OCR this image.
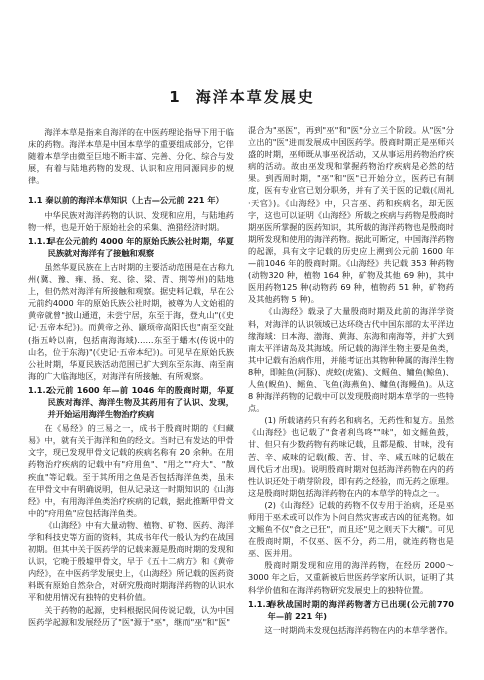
1 海洋本草发展史

海洋本草是指来自海洋的在中医药理论指导下用于临床的药物。海洋本草是中国本草学的重要组成部分，它伴随着本草学由微至巨地不断丰富、完善、分化、综合与发展，有着与陆地药物的发现、认识和应用同源同步的规律。

1.1 秦以前的海洋本草知识（上古—公元前 221 年）

中华民族对海洋药物的认识、发现和应用，与陆地药物一样，也是开始于原始社会的采集、渔猎经济时期。

1.1.1早在公元前约 4000 年的原始氏族公社时期，华夏民族就对海洋有了接触和观察

虽然华夏民族在上古时期的主要活动范围是在古称九州(冀、豫、雍、扬、兖、徐、梁、青、荆等州)的陆地上，但仍然对海洋有所接触和观察。据史料记载，早在公元前约4000 年的原始氏族公社时期，被尊为人文始祖的黄帝就曾"披山通道，未尝宁居，东至于海，登丸山"(《史记·五帝本纪》)。而黄帝之孙、颛顼帝高阳氏也"南至交趾(指五岭以南，包括南海海域)……东至于蟠木(传说中的山名，位于东海)"(《史记·五帝本纪》)。可见早在原始氏族公社时期，华夏民族活动范围已扩大到东至东海、南至南海的广大临海地区，对海洋有所接触、有所观察。

1.1.2公元前 1600 年—前 1046 年的殷商时期，华夏民族对海洋、海洋生物及其药用有了认识、发现，并开始运用海洋生物治疗疾病

在《易经》的三易之一，成书于殷商时期的《归藏易》中，就有关于海洋和鱼的经文。当时已有发达的甲骨文字，现已发现甲骨文记载的疾病名称有 20 余种。在用药物治疗疾病的记载中有"疛用鱼"、"用之""疛大"、"散疾血"等记载。至于其所用之鱼是否包括海洋鱼类，虽未在甲骨文中有明确说明，但从记录这一时期知识的《山海经》中，有用海洋鱼类治疗疾病的记载，据此推断甲骨文中的"疛用鱼"应包括海洋鱼类。

《山海经》中有大量动物、植物、矿物、医药、海洋学和科技史等方面的资料，其成书年代一般认为约在战国初期。但其中关于医药学的记载来源是殷商时期的发现和认识，它晚于殷墟甲骨文，早于《五十二病方》和《黄帝内经》，在中医药学发展史上，《山海经》所记载的医药资料既有原始自然杂合，对研究殷商时期海洋药物的认识水平和使用情况有独特的史料价值。

关于药物的起源，史料根据民间传说记载，认为中国医药学起源和发展经历了"医"源于"巫"，继而"巫"和"医"

混合为"巫医"，再到"巫"和"医"分立三个阶段。从"医"分立出的"医"进而发展成中国医药学。殷商时期正是巫师兴盛的时期，巫师既从事巫祝活动，又从事运用药物治疗疾病的活动。故由巫发现和掌握药物治疗疾病是必然的结果。到西周时期，"巫"和"医"已开始分立，医药已有制度，医有专业官已划分职务，并有了关于医的记载(《周礼·天官》)。《山海经》中，只言巫、药和疾病名，却无医字，这也可以证明《山海经》所载之疾病与药物是殷商时期巫医所掌握的医药知识，其所载的海洋药物也是殷商时期所发现和使用的海洋药物。据此可断定，中国海洋药物的起源，具有文字记载的历史应上溯到公元前 1600 年—前1046 年的殷商时期。《山海经》共记载 353 种药物(动物320 种，植物 164 种，矿物及其他 69 种)，其中医用药物125 种(动物药 69 种，植物药 51 种，矿物药及其他药物 5 种)。

《山海经》载录了大量殷商时期及此前的海洋学资料，对海洋的认识领域已达环绕古代中国东部的太平洋边缘海域：日本海、渤海、黄海、东海和南海等，并扩大到南太平洋诸岛及其海域。所记载的海洋生物主要是鱼类，其中记载有治病作用，并能考证出其物种种属的海洋生物 8种，即鲑鱼(河豚)、虎蛟(虎鲨)、文鳐鱼、鳙鱼(鲸鱼)、人鱼(鲵鱼)、鳐鱼、飞鱼(海燕鱼)、鳙鱼(海鳗鱼)。从这 8 种海洋药物的记载中可以发现殷商时期本草学的一些特点。

(1) 所载诸药只有药名和病名，无药性和复方。虽然《山海经》也记载了"食者利鸟咚""味"，如文鳐鱼鼓，甘、但只有少数药物有药味记载，且都是酸、甘味，没有苦、辛、咸味的记载(酸、苦、甘、辛、咸五味的记载在周代后才出现)。说明殷商时期对包括海洋药物在内的药性认识还处于萌芽阶段，即有药之经验，而无药之原理。这是殷商时期包括海洋药物在内的本草学的特点之一。

(2)《山海经》记载的药物不仅专用于治病，还是巫师用于巫术或可以作为卜问自然灾害或吉凶的征兆物。如文鳐鱼不仅"食之已狂"，而且还"见之则天下大穰"。可见在殷商时期，不仅巫、医不分，药二用，就连药物也是巫、医并用。

殷商时期发现和应用的海洋药物，在经历 2000～3000 年之后，又重新被后世医药学家所认识，证明了其科学价值和在海洋药物研究发展史上的独特位置。

1.1.3春秋战国时期的海洋药物著方已出现(公元前770 年—前 221 年)

这一时期尚未发现包括海洋药物在内的本草学著作。
